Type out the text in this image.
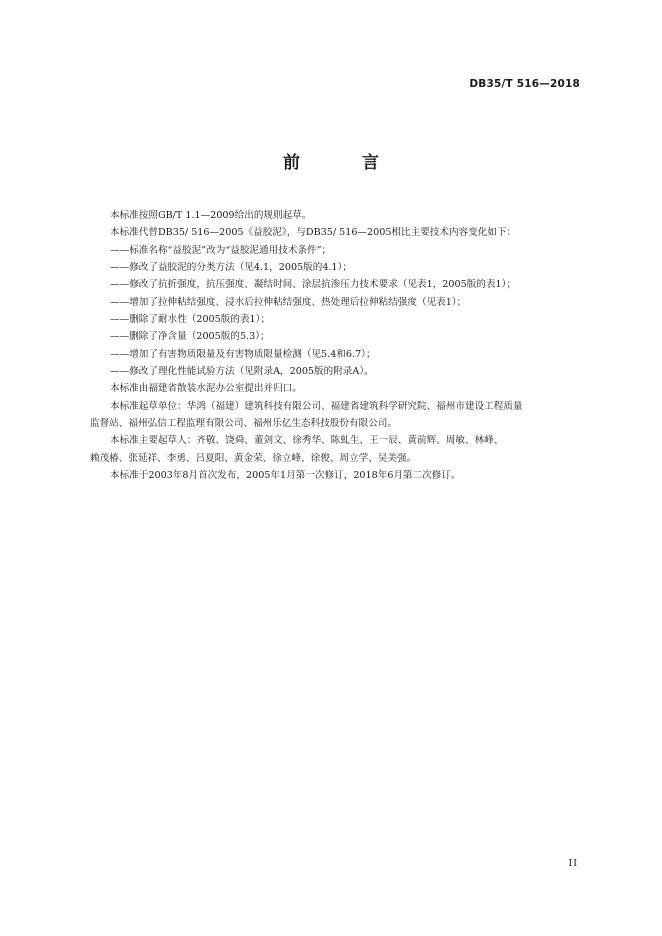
DB35/T 516—2018
前 言

本标准按照GB/T 1.1—2009给出的规则起草。

本标准代替DB35/ 516—2005《益胶泥》，与DB35/ 516—2005相比主要技术内容变化如下：

——标准名称“益胶泥”改为“益胶泥通用技术条件”；

——修改了益胶泥的分类方法（见4.1，2005版的4.1）；

——修改了抗折强度，抗压强度、凝结时间、涂层抗渗压力技术要求（见表1，2005版的表1）；

——增加了拉伸粘结强度、浸水后拉伸粘结强度、热处理后拉伸粘结强度（见表1）；

——删除了耐水性（2005版的表1）；

——删除了净含量（2005版的5.3）；

——增加了有害物质限量及有害物质限量检测（见5.4和6.7）；

——修改了理化性能试验方法（见附录A，2005版的附录A）。

本标准由福建省散装水泥办公室提出并归口。

本标准起草单位：华鸿（福建）建筑科技有限公司、福建省建筑科学研究院、福州市建设工程质量
监督站、福州弘信工程监理有限公司、福州乐亿生态科技股份有限公司。

本标准主要起草人：齐敬、饶舜、董剑文、徐秀华、陈虬生、王一辰、黄前辉、周敏、林峰、
赖茂椿、张延祥、李勇、吕夏阳、黄金荣、徐立峰、徐俊、周立学、吴美强。

本标准于2003年8月首次发布，2005年1月第一次修订，2018年6月第二次修订。

II
